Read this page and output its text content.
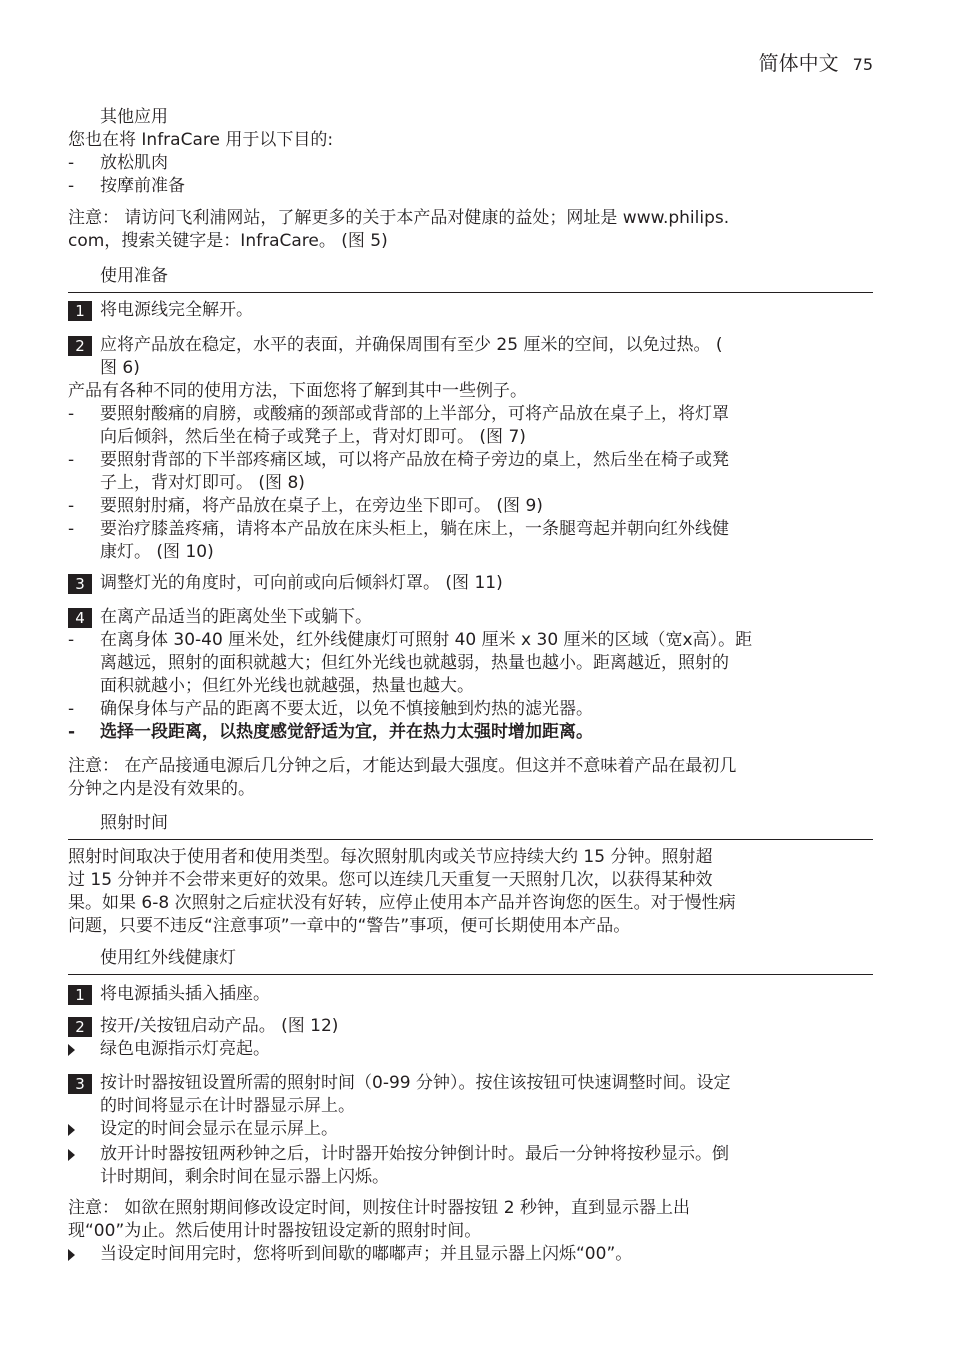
简体中文 75
其他应用
您也在将 InfraCare 用于以下目的:
-	放松肌肉
-	按摩前准备
注意： 请访问飞利浦网站，了解更多的关于本产品对健康的益处；网址是 www.philips.
com，搜索关键字是：InfraCare。 (图 5)
使用准备
1 将电源线完全解开。
2 应将产品放在稳定，水平的表面，并确保周围有至少 25 厘米的空间，以免过热。 (
图 6)
产品有各种不同的使用方法，下面您将了解到其中一些例子。
-	要照射酸痛的肩膀，或酸痛的颈部或背部的上半部分，可将产品放在桌子上，将灯罩
向后倾斜，然后坐在椅子或凳子上，背对灯即可。 (图 7)
-	要照射背部的下半部疼痛区域，可以将产品放在椅子旁边的桌上，然后坐在椅子或凳
子上，背对灯即可。 (图 8)
-	要照射肘痛，将产品放在桌子上，在旁边坐下即可。 (图 9)
-	要治疗膝盖疼痛，请将本产品放在床头柜上，躺在床上，一条腿弯起并朝向红外线健
康灯。 (图 10)
3 调整灯光的角度时，可向前或向后倾斜灯罩。 (图 11)
4 在离产品适当的距离处坐下或躺下。
-	在离身体 30-40 厘米处，红外线健康灯可照射 40 厘米 x 30 厘米的区域（宽x高）。距
离越远，照射的面积就越大；但红外光线也就越弱，热量也越小。距离越近，照射的
面积就越小；但红外光线也就越强，热量也越大。
-	确保身体与产品的距离不要太近，以免不慎接触到灼热的滤光器。
-	选择一段距离，以热度感觉舒适为宜，并在热力太强时增加距离。
注意： 在产品接通电源后几分钟之后，才能达到最大强度。但这并不意味着产品在最初几
分钟之内是没有效果的。
照射时间
照射时间取决于使用者和使用类型。每次照射肌肉或关节应持续大约 15 分钟。照射超
过 15 分钟并不会带来更好的效果。您可以连续几天重复一天照射几次，以获得某种效
果。如果 6-8 次照射之后症状没有好转，应停止使用本产品并咨询您的医生。对于慢性病
问题，只要不违反“注意事项”一章中的“警告”事项，便可长期使用本产品。
使用红外线健康灯
1 将电源插头插入插座。
2 按开/关按钮启动产品。 (图 12)
绿色电源指示灯亮起。
3 按计时器按钮设置所需的照射时间（0-99 分钟）。按住该按钮可快速调整时间。设定
的时间将显示在计时器显示屏上。
设定的时间会显示在显示屏上。
放开计时器按钮两秒钟之后，计时器开始按分钟倒计时。最后一分钟将按秒显示。倒
计时期间，剩余时间在显示器上闪烁。
注意： 如欲在照射期间修改设定时间，则按住计时器按钮 2 秒钟，直到显示器上出
现“00”为止。然后使用计时器按钮设定新的照射时间。
当设定时间用完时，您将听到间歇的嘟嘟声；并且显示器上闪烁“00”。
